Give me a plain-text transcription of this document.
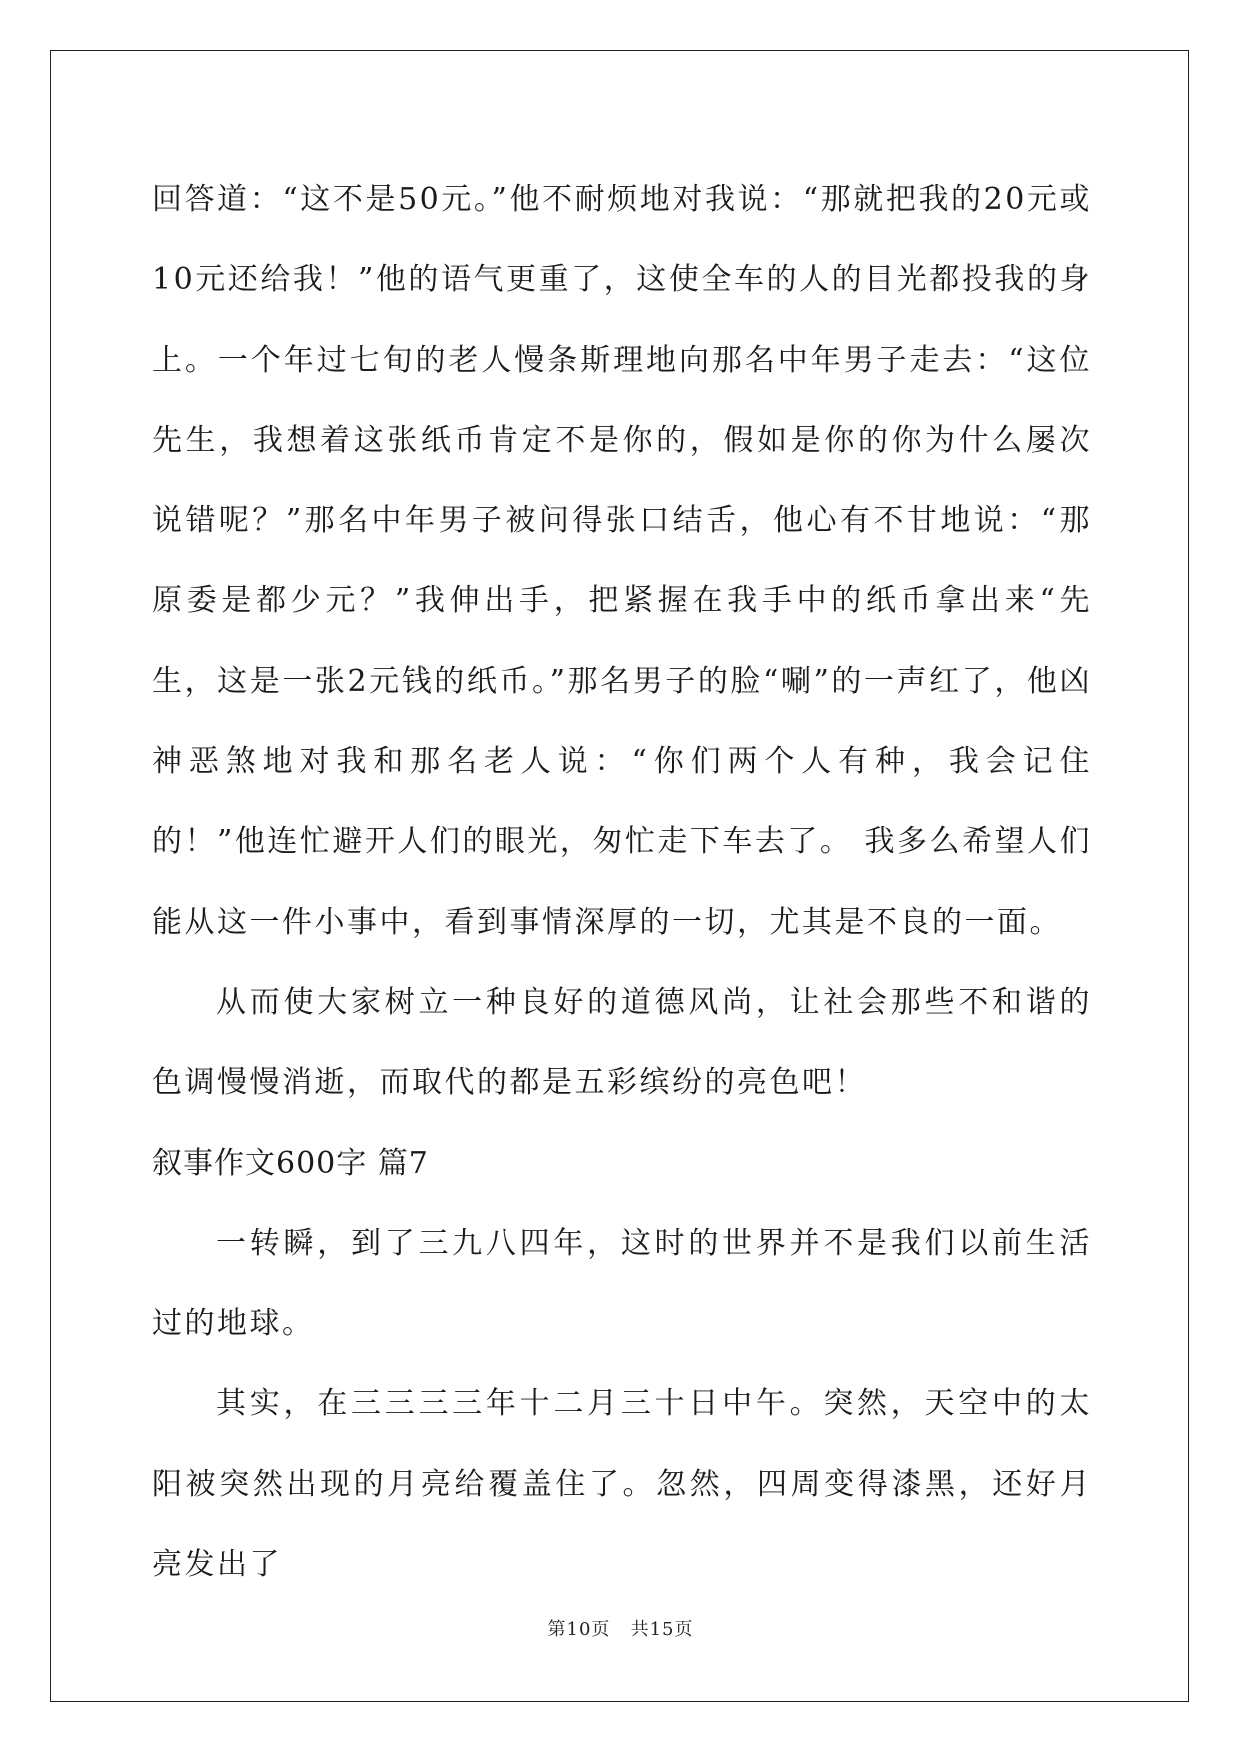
回答道：“这不是50元。”他不耐烦地对我说：“那就把我的20元或10元还给我！”他的语气更重了，这使全车的人的目光都投我的身上。一个年过七旬的老人慢条斯理地向那名中年男子走去：“这位先生，我想着这张纸币肯定不是你的，假如是你的你为什么屡次说错呢？”那名中年男子被问得张口结舌，他心有不甘地说：“那原委是都少元？”我伸出手，把紧握在我手中的纸币拿出来“先生，这是一张2元钱的纸币。”那名男子的脸“唰”的一声红了，他凶神恶煞地对我和那名老人说：“你们两个人有种，我会记住的！”他连忙避开人们的眼光，匆忙走下车去了。 我多么希望人们能从这一件小事中，看到事情深厚的一切，尤其是不良的一面。

从而使大家树立一种良好的道德风尚，让社会那些不和谐的色调慢慢消逝，而取代的都是五彩缤纷的亮色吧！

叙事作文600字 篇7

一转瞬，到了三九八四年，这时的世界并不是我们以前生活过的地球。

其实，在三三三三年十二月三十日中午。突然，天空中的太阳被突然出现的月亮给覆盖住了。忽然，四周变得漆黑，还好月亮发出了

第10页 共15页
